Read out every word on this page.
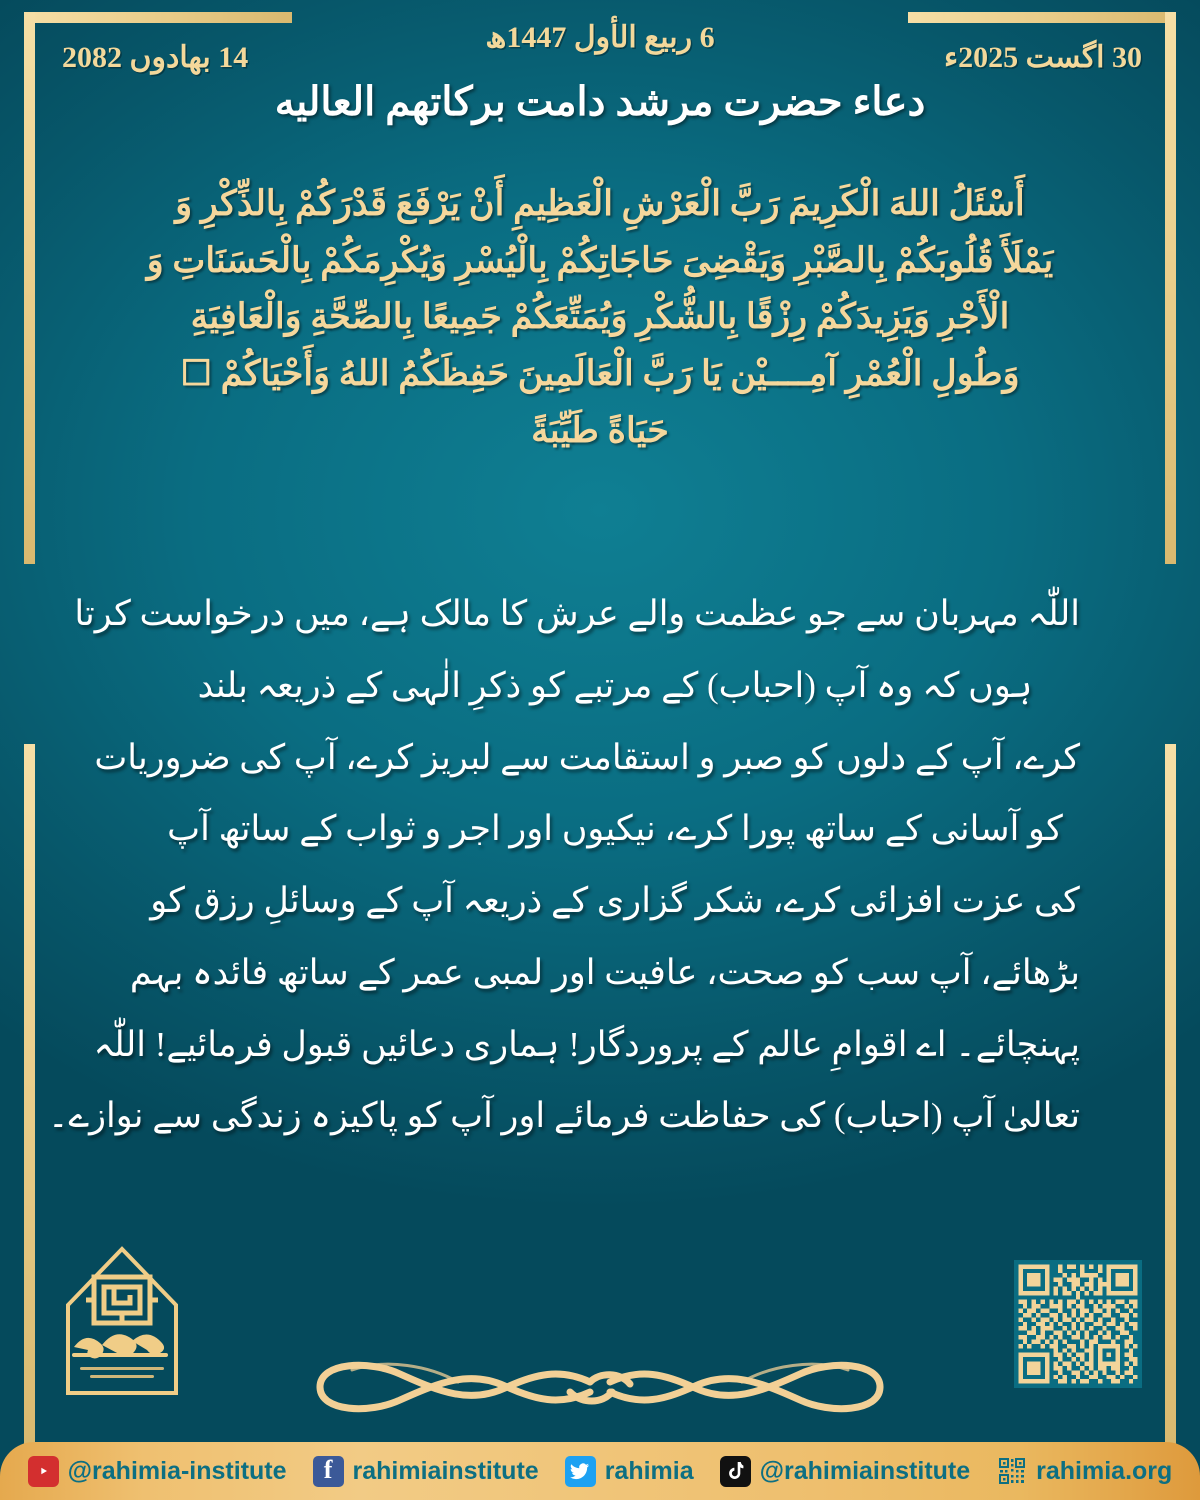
30 اگست 2025ء
6 ربیع الأول 1447ھ
14 بھادوں 2082
دعاء حضرت مرشد دامت بركاتهم العالیه
أَسْئَلُ اللهَ الْكَرِيمَ رَبَّ الْعَرْشِ الْعَظِيمِ أَنْ يَرْفَعَ قَدْرَكُمْ بِالذِّكْرِ وَ
يَمْلَأَ قُلُوبَكُمْ بِالصَّبْرِ وَيَقْضِىَ حَاجَاتِكُمْ بِالْيُسْرِ وَيُكْرِمَكُمْ بِالْحَسَنَاتِ وَ
الْأَجْرِ وَيَزِيدَكُمْ رِزْقًا بِالشُّكْرِ وَيُمَتِّعَكُمْ جَمِيعًا بِالصِّحَّةِ وَالْعَافِيَةِ
وَطُولِ الْعُمْرِ آمِــــيْن يَا رَبَّ الْعَالَمِينَ حَفِظَكُمُ اللهُ وَأَحْيَاكُمْ ☐
حَيَاةً طَيِّبَةً
اللّٰہ مہربان سے جو عظمت والے عرش کا مالک ہے، میں درخواست کرتا
ہوں کہ وہ آپ (احباب) کے مرتبے کو ذکرِ الٰہی کے ذریعہ بلند
کرے، آپ کے دلوں کو صبر و استقامت سے لبریز کرے، آپ کی ضروریات
کو آسانی کے ساتھ پورا کرے، نیکیوں اور اجر و ثواب کے ساتھ آپ
کی عزت افزائی کرے، شکر گزاری کے ذریعہ آپ کے وسائلِ رزق کو
بڑھائے، آپ سب کو صحت، عافیت اور لمبی عمر کے ساتھ فائدہ بہم
پہنچائے۔ اے اقوامِ عالم کے پروردگار! ہماری دعائیں قبول فرمائیے! اللّٰہ
تعالیٰ آپ (احباب) کی حفاظت فرمائے اور آپ کو پاکیزہ زندگی سے نوازے۔
@rahimia-institute f rahimiainstitute	rahimia	@rahimiainstitute	rahimia.org
